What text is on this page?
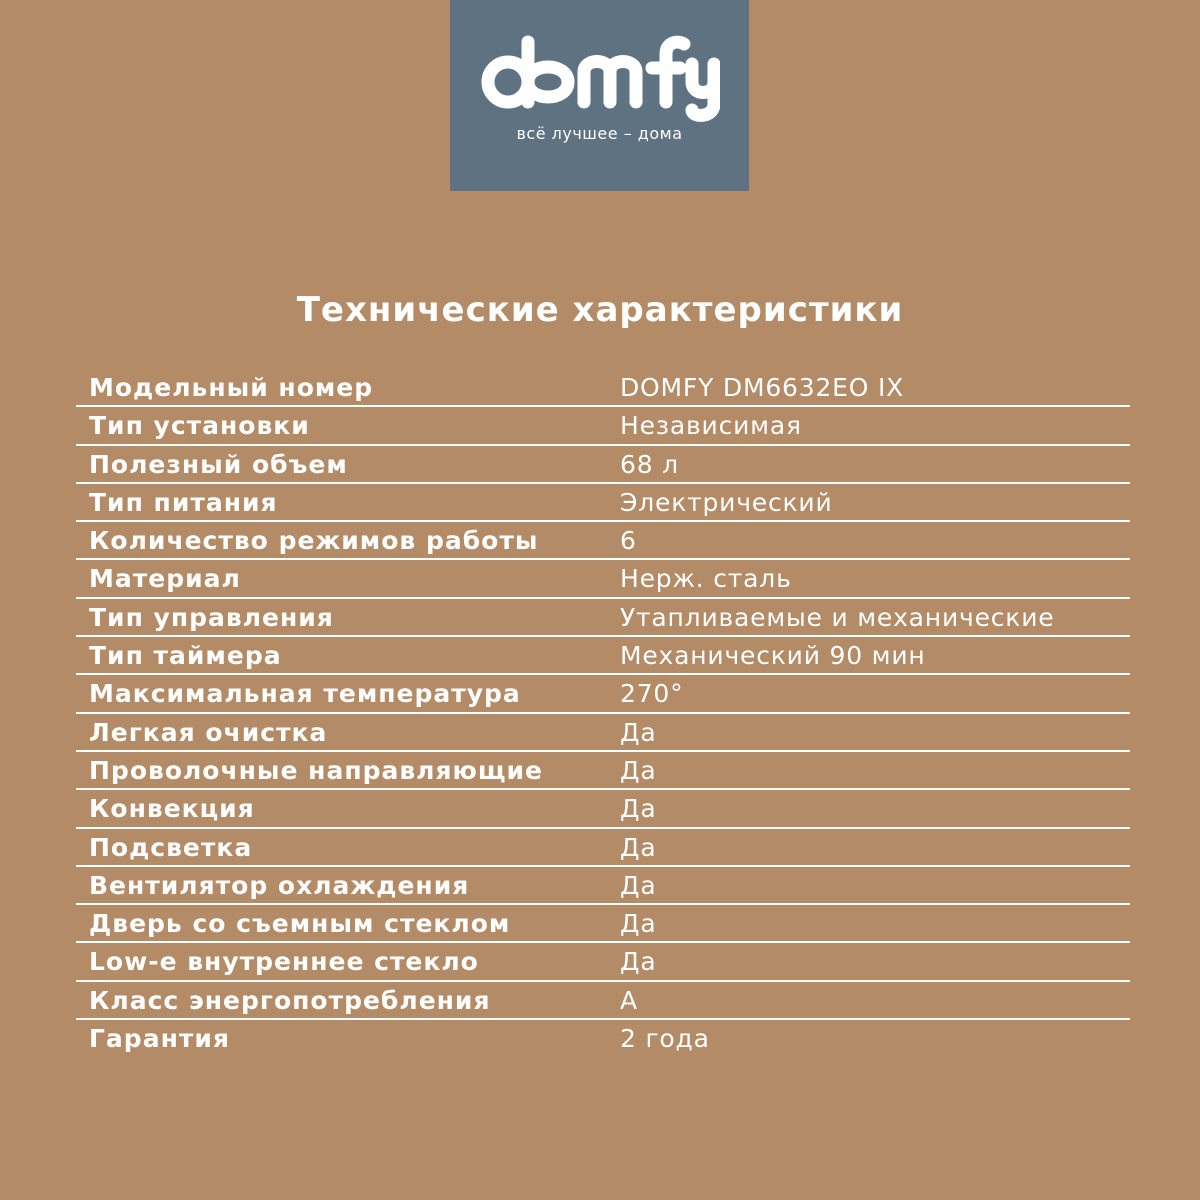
всё лучшее – дома
Технические характеристики
Модельный номер	DOMFY DM6632EO IX
Тип установки	Независимая
Полезный объем	68 л
Тип питания	Электрический
Количество режимов работы	6
Материал	Нерж. сталь
Тип управления	Утапливаемые и механические
Тип таймера	Механический 90 мин
Максимальная температура	270°
Легкая очистка	Да
Проволочные направляющие	Да
Конвекция	Да
Подсветка	Да
Вентилятор охлаждения	Да
Дверь со съемным стеклом	Да
Low-e внутреннее стекло	Да
Класс энергопотребления	A
Гарантия	2 года
